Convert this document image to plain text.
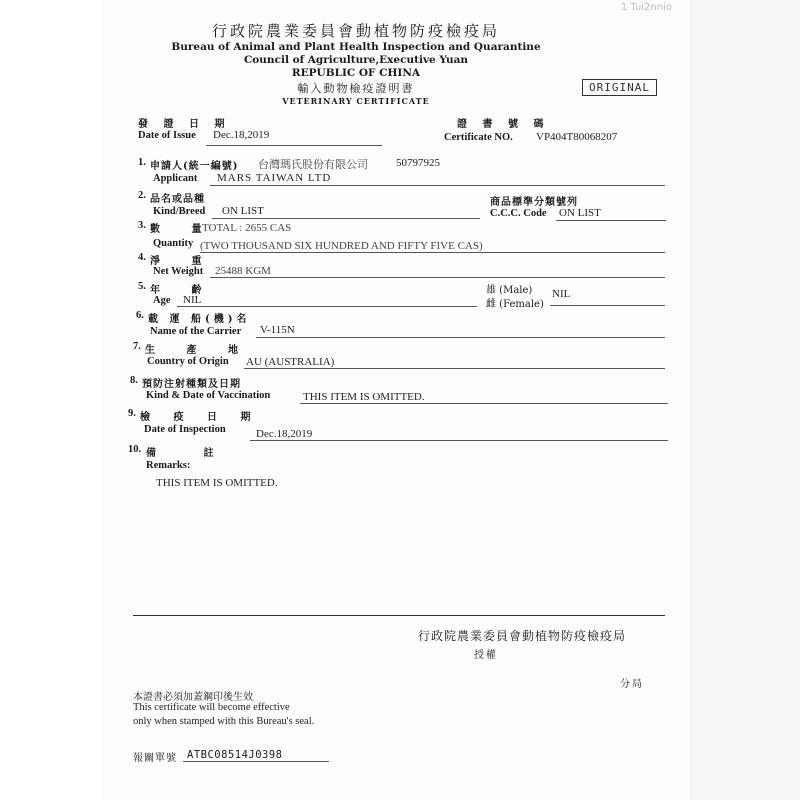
1 Tui2nnio
行政院農業委員會動植物防疫檢疫局
Bureau of Animal and Plant Health Inspection and Quarantine
Council of Agriculture,Executive Yuan
REPUBLIC OF CHINA
輸入動物檢疫證明書
VETERINARY CERTIFICATE
ORIGINAL
發 證 日 期
Date of Issue Dec.18,2019
證 書 號 碼
Certificate NO. VP404T80068207
1. 申請人(統一編號) 台灣瑪氏股份有限公司	50797925
Applicant MARS TAIWAN LTD
2. 品名或品種
Kind/Breed ON LIST
商品標準分類號列
C.C.C. Code ON LIST
3. 數 量
TOTAL : 2655 CAS
Quantity (TWO THOUSAND SIX HUNDRED AND FIFTY FIVE CAS)
4. 淨 重
Net Weight 25488 KGM
5. 年 齡
Age NIL
雄 (Male)
雌 (Female)
NIL
6. 載 運 船(機)名
Name of the Carrier V-115N
7. 生 產 地
Country of Origin AU (AUSTRALIA)
8. 預防注射種類及日期
Kind & Date of Vaccination	THIS ITEM IS OMITTED.
9. 檢 疫 日 期
Date of Inspection	Dec.18,2019
10. 備 註
Remarks:
THIS ITEM IS OMITTED.
行政院農業委員會動植物防疫檢疫局
授權
分局
本證書必須加蓋鋼印後生效
This certificate will become effective
only when stamped with this Bureau's seal.
報關單號 ATBC08514J0398
